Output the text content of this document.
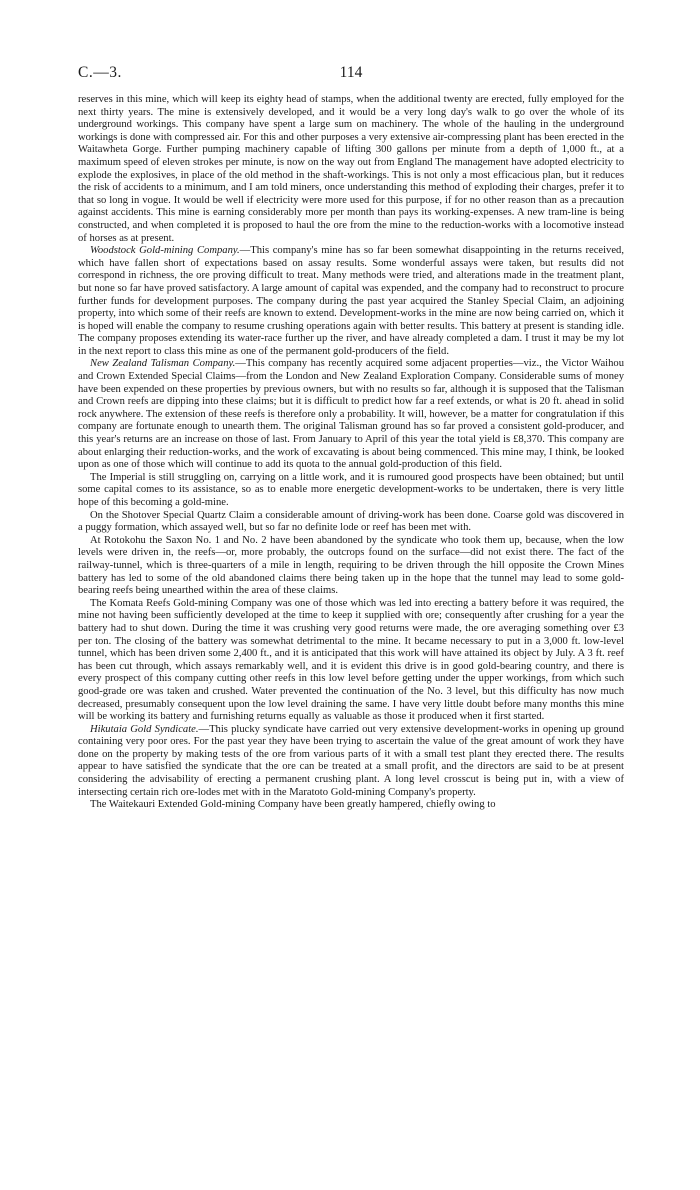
C.—3.	114

reserves in this mine, which will keep its eighty head of stamps, when the additional twenty are erected, fully employed for the next thirty years. The mine is extensively developed, and it would be a very long day's walk to go over the whole of its underground workings. This company have spent a large sum on machinery. The whole of the hauling in the underground workings is done with compressed air. For this and other purposes a very extensive air-compressing plant has been erected in the Waitawheta Gorge. Further pumping machinery capable of lifting 300 gallons per minute from a depth of 1,000 ft., at a maximum speed of eleven strokes per minute, is now on the way out from England The management have adopted electricity to explode the explosives, in place of the old method in the shaft-workings. This is not only a most efficacious plan, but it reduces the risk of accidents to a minimum, and I am told miners, once understanding this method of exploding their charges, prefer it to that so long in vogue. It would be well if electricity were more used for this purpose, if for no other reason than as a precaution against accidents. This mine is earning considerably more per month than pays its working-expenses. A new tram-line is being constructed, and when completed it is proposed to haul the ore from the mine to the reduction-works with a locomotive instead of horses as at present.

Woodstock Gold-mining Company.—This company's mine has so far been somewhat disappointing in the returns received, which have fallen short of expectations based on assay results. Some wonderful assays were taken, but results did not correspond in richness, the ore proving difficult to treat. Many methods were tried, and alterations made in the treatment plant, but none so far have proved satisfactory. A large amount of capital was expended, and the company had to reconstruct to procure further funds for development purposes. The company during the past year acquired the Stanley Special Claim, an adjoining property, into which some of their reefs are known to extend. Development-works in the mine are now being carried on, which it is hoped will enable the company to resume crushing operations again with better results. This battery at present is standing idle. The company proposes extending its water-race further up the river, and have already completed a dam. I trust it may be my lot in the next report to class this mine as one of the permanent gold-producers of the field.

New Zealand Talisman Company.—This company has recently acquired some adjacent properties—viz., the Victor Waihou and Crown Extended Special Claims—from the London and New Zealand Exploration Company. Considerable sums of money have been expended on these properties by previous owners, but with no results so far, although it is supposed that the Talisman and Crown reefs are dipping into these claims; but it is difficult to predict how far a reef extends, or what is 20 ft. ahead in solid rock anywhere. The extension of these reefs is therefore only a probability. It will, however, be a matter for congratulation if this company are fortunate enough to unearth them. The original Talisman ground has so far proved a consistent gold-producer, and this year's returns are an increase on those of last. From January to April of this year the total yield is £8,370. This company are about enlarging their reduction-works, and the work of excavating is about being commenced. This mine may, I think, be looked upon as one of those which will continue to add its quota to the annual gold-production of this field.

The Imperial is still struggling on, carrying on a little work, and it is rumoured good prospects have been obtained; but until some capital comes to its assistance, so as to enable more energetic development-works to be undertaken, there is very little hope of this becoming a gold-mine.

On the Shotover Special Quartz Claim a considerable amount of driving-work has been done. Coarse gold was discovered in a puggy formation, which assayed well, but so far no definite lode or reef has been met with.

At Rotokohu the Saxon No. 1 and No. 2 have been abandoned by the syndicate who took them up, because, when the low levels were driven in, the reefs—or, more probably, the outcrops found on the surface—did not exist there. The fact of the railway-tunnel, which is three-quarters of a mile in length, requiring to be driven through the hill opposite the Crown Mines battery has led to some of the old abandoned claims there being taken up in the hope that the tunnel may lead to some gold-bearing reefs being unearthed within the area of these claims.

The Komata Reefs Gold-mining Company was one of those which was led into erecting a battery before it was required, the mine not having been sufficiently developed at the time to keep it supplied with ore; consequently after crushing for a year the battery had to shut down. During the time it was crushing very good returns were made, the ore averaging something over £3 per ton. The closing of the battery was somewhat detrimental to the mine. It became necessary to put in a 3,000 ft. low-level tunnel, which has been driven some 2,400 ft., and it is anticipated that this work will have attained its object by July. A 3 ft. reef has been cut through, which assays remarkably well, and it is evident this drive is in good gold-bearing country, and there is every prospect of this company cutting other reefs in this low level before getting under the upper workings, from which such good-grade ore was taken and crushed. Water prevented the continuation of the No. 3 level, but this difficulty has now much decreased, presumably consequent upon the low level draining the same. I have very little doubt before many months this mine will be working its battery and furnishing returns equally as valuable as those it produced when it first started.

Hikutaia Gold Syndicate.—This plucky syndicate have carried out very extensive development-works in opening up ground containing very poor ores. For the past year they have been trying to ascertain the value of the great amount of work they have done on the property by making tests of the ore from various parts of it with a small test plant they erected there. The results appear to have satisfied the syndicate that the ore can be treated at a small profit, and the directors are said to be at present considering the advisability of erecting a permanent crushing plant. A long level crosscut is being put in, with a view of intersecting certain rich ore-lodes met with in the Maratoto Gold-mining Company's property.

The Waitekauri Extended Gold-mining Company have been greatly hampered, chiefly owing to
